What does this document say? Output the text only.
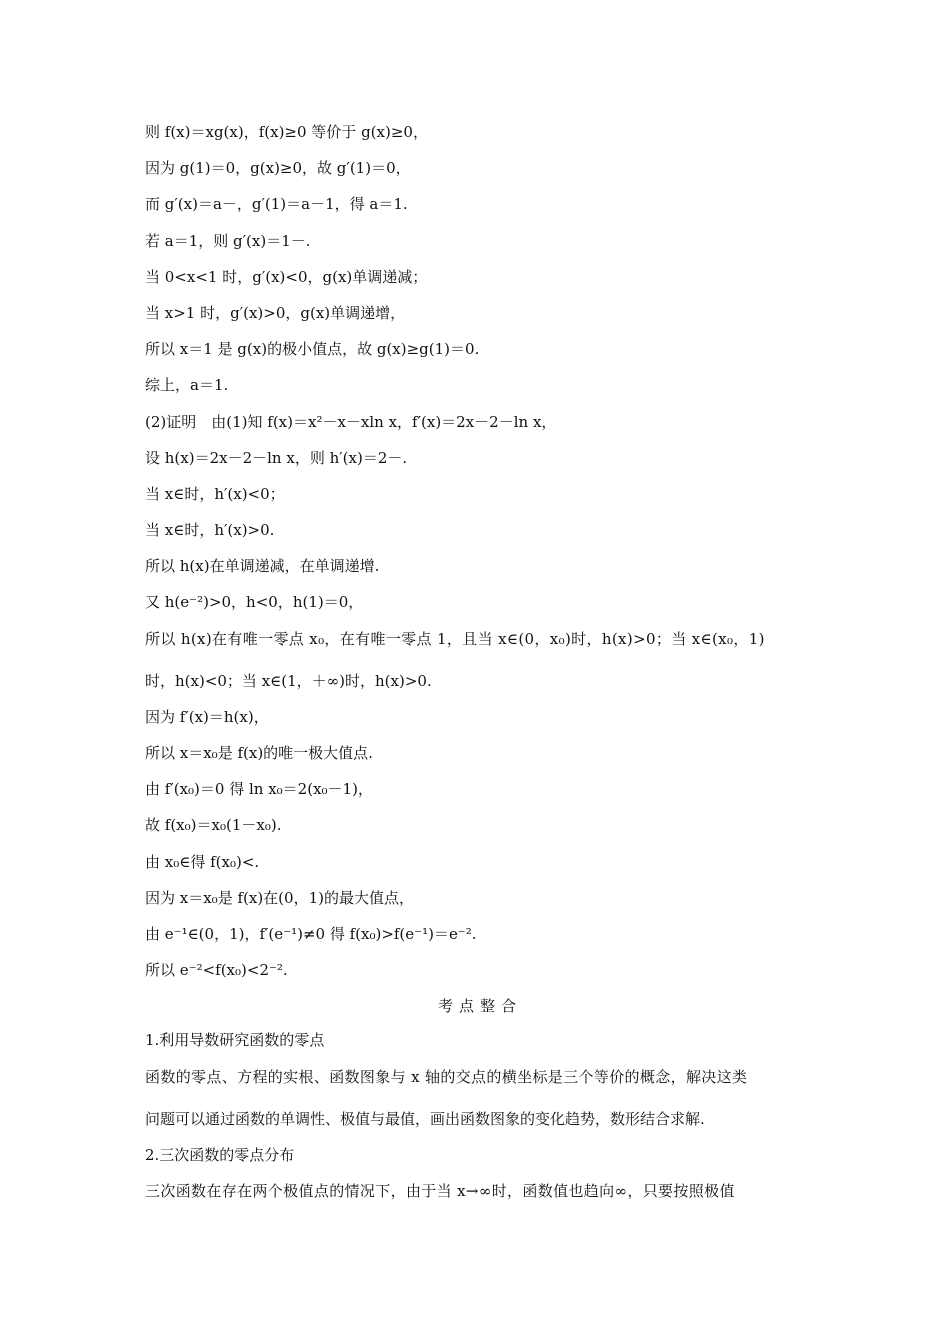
则 f(x)＝xg(x)，f(x)≥0 等价于 g(x)≥0，
因为 g(1)＝0，g(x)≥0，故 g′(1)＝0，
而 g′(x)＝a－，g′(1)＝a－1，得 a＝1.
若 a＝1，则 g′(x)＝1－.
当 0<x<1 时，g′(x)<0，g(x)单调递减；
当 x>1 时，g′(x)>0，g(x)单调递增，
所以 x＝1 是 g(x)的极小值点，故 g(x)≥g(1)＝0.
综上，a＝1.
(2)证明　由(1)知 f(x)＝x²－x－xln x，f′(x)＝2x－2－ln x，
设 h(x)＝2x－2－ln x，则 h′(x)＝2－.
当 x∈时，h′(x)<0；
当 x∈时，h′(x)>0.
所以 h(x)在单调递减，在单调递增.
又 h(e⁻²)>0，h<0，h(1)＝0，
所以 h(x)在有唯一零点 x₀，在有唯一零点 1，且当 x∈(0，x₀)时，h(x)>0；当 x∈(x₀，1)
时，h(x)<0；当 x∈(1，＋∞)时，h(x)>0.
因为 f′(x)＝h(x)，
所以 x＝x₀是 f(x)的唯一极大值点.
由 f′(x₀)＝0 得 ln x₀＝2(x₀－1)，
故 f(x₀)＝x₀(1－x₀).
由 x₀∈得 f(x₀)<.
因为 x＝x₀是 f(x)在(0，1)的最大值点，
由 e⁻¹∈(0，1)，f′(e⁻¹)≠0 得 f(x₀)>f(e⁻¹)＝e⁻².
所以 e⁻²<f(x₀)<2⁻².
考点整合
1.利用导数研究函数的零点
函数的零点、方程的实根、函数图象与 x 轴的交点的横坐标是三个等价的概念，解决这类
问题可以通过函数的单调性、极值与最值，画出函数图象的变化趋势，数形结合求解.
2.三次函数的零点分布
三次函数在存在两个极值点的情况下，由于当 x→∞时，函数值也趋向∞，只要按照极值
